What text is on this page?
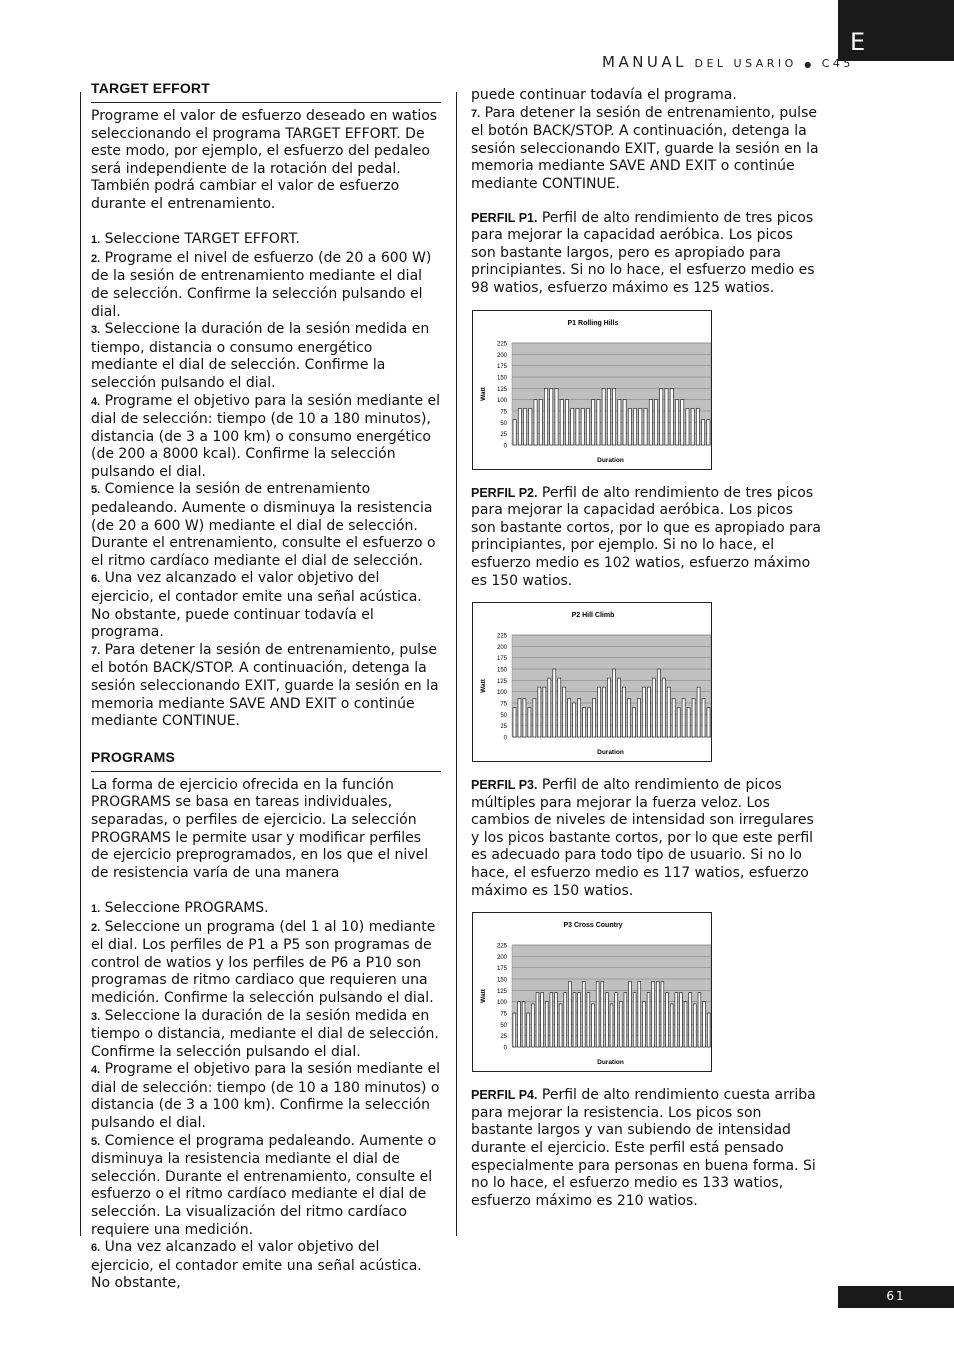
E
MANUAL DEL USARIO ● C45
TARGET EFFORT

Programe el valor de esfuerzo deseado en watios seleccionando el programa TARGET EFFORT. De este modo, por ejemplo, el esfuerzo del pedaleo será independiente de la rotación del pedal. También podrá cambiar el valor de esfuerzo durante el entrenamiento.

1. Seleccione TARGET EFFORT.

2. Programe el nivel de esfuerzo (de 20 a 600 W) de la sesión de entrenamiento mediante el dial de selección. Confirme la selección pulsando el dial.

3. Seleccione la duración de la sesión medida en tiempo, distancia o consumo energético mediante el dial de selección. Confirme la selección pulsando el dial.

4. Programe el objetivo para la sesión mediante el dial de selección: tiempo (de 10 a 180 minutos), distancia (de 3 a 100 km) o consumo energético (de 200 a 8000 kcal). Confirme la selección pulsando el dial.

5. Comience la sesión de entrenamiento pedaleando. Aumente o disminuya la resistencia (de 20 a 600 W) mediante el dial de selección. Durante el entrenamiento, consulte el esfuerzo o el ritmo cardíaco mediante el dial de selección.

6. Una vez alcanzado el valor objetivo del ejercicio, el contador emite una señal acústica. No obstante, puede continuar todavía el programa.

7. Para detener la sesión de entrenamiento, pulse el botón BACK/STOP. A continuación, detenga la sesión seleccionando EXIT, guarde la sesión en la memoria mediante SAVE AND EXIT o continúe mediante CONTINUE.

PROGRAMS

La forma de ejercicio ofrecida en la función PROGRAMS se basa en tareas individuales, separadas, o perfiles de ejercicio. La selección PROGRAMS le permite usar y modificar perfiles de ejercicio preprogramados, en los que el nivel de resistencia varía de una manera

1. Seleccione PROGRAMS.

2. Seleccione un programa (del 1 al 10) mediante el dial. Los perfiles de P1 a P5 son programas de control de watios y los perfiles de P6 a P10 son programas de ritmo cardiaco que requieren una medición. Confirme la selección pulsando el dial.

3. Seleccione la duración de la sesión medida en tiempo o distancia, mediante el dial de selección. Confirme la selección pulsando el dial.

4. Programe el objetivo para la sesión mediante el dial de selección: tiempo (de 10 a 180 minutos) o distancia (de 3 a 100 km). Confirme la selección pulsando el dial.

5. Comience el programa pedaleando. Aumente o disminuya la resistencia mediante el dial de selección. Durante el entrenamiento, consulte el esfuerzo o el ritmo cardíaco mediante el dial de selección. La visualización del ritmo cardíaco requiere una medición.

6. Una vez alcanzado el valor objetivo del ejercicio, el contador emite una señal acústica. No obstante,

puede continuar todavía el programa.

7. Para detener la sesión de entrenamiento, pulse el botón BACK/STOP. A continuación, detenga la sesión seleccionando EXIT, guarde la sesión en la memoria mediante SAVE AND EXIT o continúe mediante CONTINUE.

PERFIL P1. Perfil de alto rendimiento de tres picos para mejorar la capacidad aeróbica. Los picos son bastante largos, pero es apropiado para principiantes. Si no lo hace, el esfuerzo medio es 98 watios, esfuerzo máximo es 125 watios.

P1 Rolling Hills
225
200
175
150
125
100
75
50
25
0
Watt
Duration

PERFIL P2. Perfil de alto rendimiento de tres picos para mejorar la capacidad aeróbica. Los picos son bastante cortos, por lo que es apropiado para principiantes, por ejemplo. Si no lo hace, el esfuerzo medio es 102 watios, esfuerzo máximo es 150 watios.

P2 Hill Climb
225
200
175
150
125
100
75
50
25
0
Watt
Duration

PERFIL P3. Perfil de alto rendimiento de picos múltiples para mejorar la fuerza veloz. Los cambios de niveles de intensidad son irregulares y los picos bastante cortos, por lo que este perfil es adecuado para todo tipo de usuario. Si no lo hace, el esfuerzo medio es 117 watios, esfuerzo máximo es 150 watios.

P3 Cross Country
225
200
175
150
125
100
75
50
25
0
Watt
Duration

PERFIL P4. Perfil de alto rendimiento cuesta arriba para mejorar la resistencia. Los picos son bastante largos y van subiendo de intensidad durante el ejercicio. Este perfil está pensado especialmente para personas en buena forma. Si no lo hace, el esfuerzo medio es 133 watios, esfuerzo máximo es 210 watios.

61
